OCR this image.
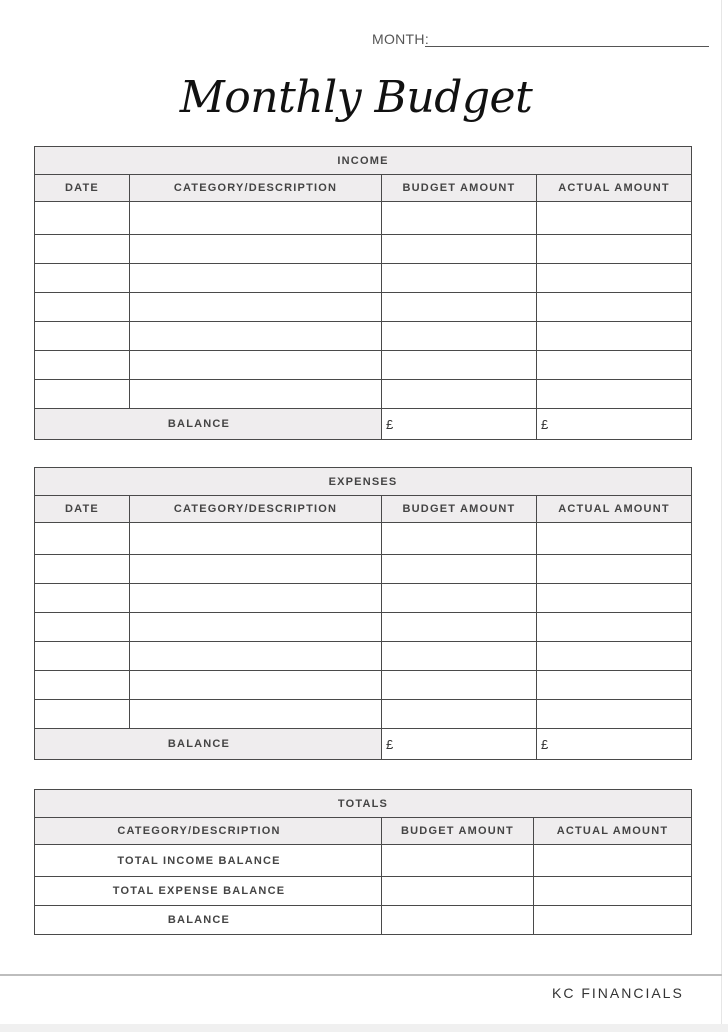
MONTH:
Monthly Budget
INCOME			
DATE	CATEGORY/DESCRIPTION	BUDGET AMOUNT	ACTUAL AMOUNT

BALANCE		£	£
EXPENSES			
DATE	CATEGORY/DESCRIPTION	BUDGET AMOUNT	ACTUAL AMOUNT

BALANCE		£	£
TOTALS		
CATEGORY/DESCRIPTION	BUDGET AMOUNT	ACTUAL AMOUNT
TOTAL INCOME BALANCE		
TOTAL EXPENSE BALANCE		
BALANCE		
KC FINANCIALS
